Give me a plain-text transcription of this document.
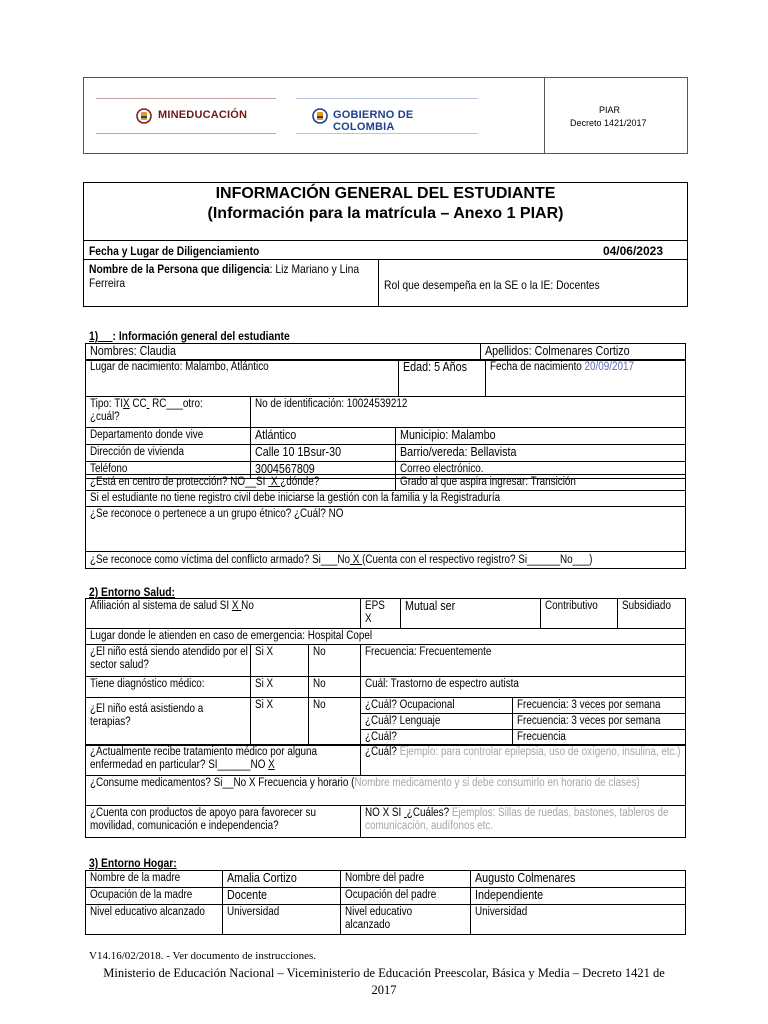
MINEDUCACIÓN	GOBIERNO DE COLOMBIA
PIAR
Decreto 1421/2017
INFORMACIÓN GENERAL DEL ESTUDIANTE
(Información para la matrícula – Anexo 1 PIAR)
Fecha y Lugar de Diligenciamiento	04/06/2023
Nombre de la Persona que diligencia: Liz Mariano y Lina
Ferreira	Rol que desempeña en la SE o la IE: Docentes
1) : Información general del estudiante
Nombres: Claudia	Apellidos: Colmenares Cortizo
Lugar de nacimiento: Malambo, Atlántico	Edad: 5 Años	Fecha de nacimiento 20/09/2017
Tipo: TIX CC  RC___otro:
¿cuál?	No de identificación: 10024539212
Departamento donde vive	Atlántico	Municipio: Malambo
Dirección de vivienda	Calle 10 1Bsur-30	Barrio/vereda: Bellavista
Teléfono	3004567809	Correo electrónico.
¿Está en centro de protección? NO__SI  X ¿dónde?	Grado al que aspira ingresar: Transición
Si el estudiante no tiene registro civil debe iniciarse la gestión con la familia y la Registraduría
¿Se reconoce o pertenece a un grupo étnico? ¿Cuál? NO
¿Se reconoce como víctima del conflicto armado? Si___No X (Cuenta con el respectivo registro? Si______No___)
2) Entorno Salud:
Afiliación al sistema de salud SI X No	EPS
X	Mutual ser	Contributivo	Subsidiado
Lugar donde le atienden en caso de emergencia: Hospital Copel
¿El niño está siendo atendido por el sector salud?	Si X	No	Frecuencia: Frecuentemente	
Tiene diagnóstico médico:	Si X	No	Cuál: Trastorno de espectro autista	
¿El niño está asistiendo a terapias?	Si X	No	¿Cuál? Ocupacional	Frecuencia: 3 veces por semana
			¿Cuál? Lenguaje	Frecuencia: 3 veces por semana
			¿Cuál?	Frecuencia
¿Actualmente recibe tratamiento médico por alguna enfermedad en particular? SI______NO X	¿Cuál? Ejemplo: para controlar epilepsia, uso de oxígeno, insulina, etc.)
¿Consume medicamentos? Si__No X Frecuencia y horario (Nombre medicamento y si debe consumirlo en horario de clases)	
¿Cuenta con productos de apoyo para favorecer su movilidad, comunicación e independencia?	NO X SI  ¿Cuáles? Ejemplos: Sillas de ruedas, bastones, tableros de comunicación, audífonos etc.
3) Entorno Hogar:
Nombre de la madre	Amalia Cortizo	Nombre del padre	Augusto Colmenares
Ocupación de la madre	Docente	Ocupación del padre	Independiente
Nivel educativo alcanzado	Universidad	Nivel educativo alcanzado	Universidad
V14.16/02/2018. - Ver documento de instrucciones.
Ministerio de Educación Nacional – Viceministerio de Educación Preescolar, Básica y Media – Decreto 1421 de
2017
